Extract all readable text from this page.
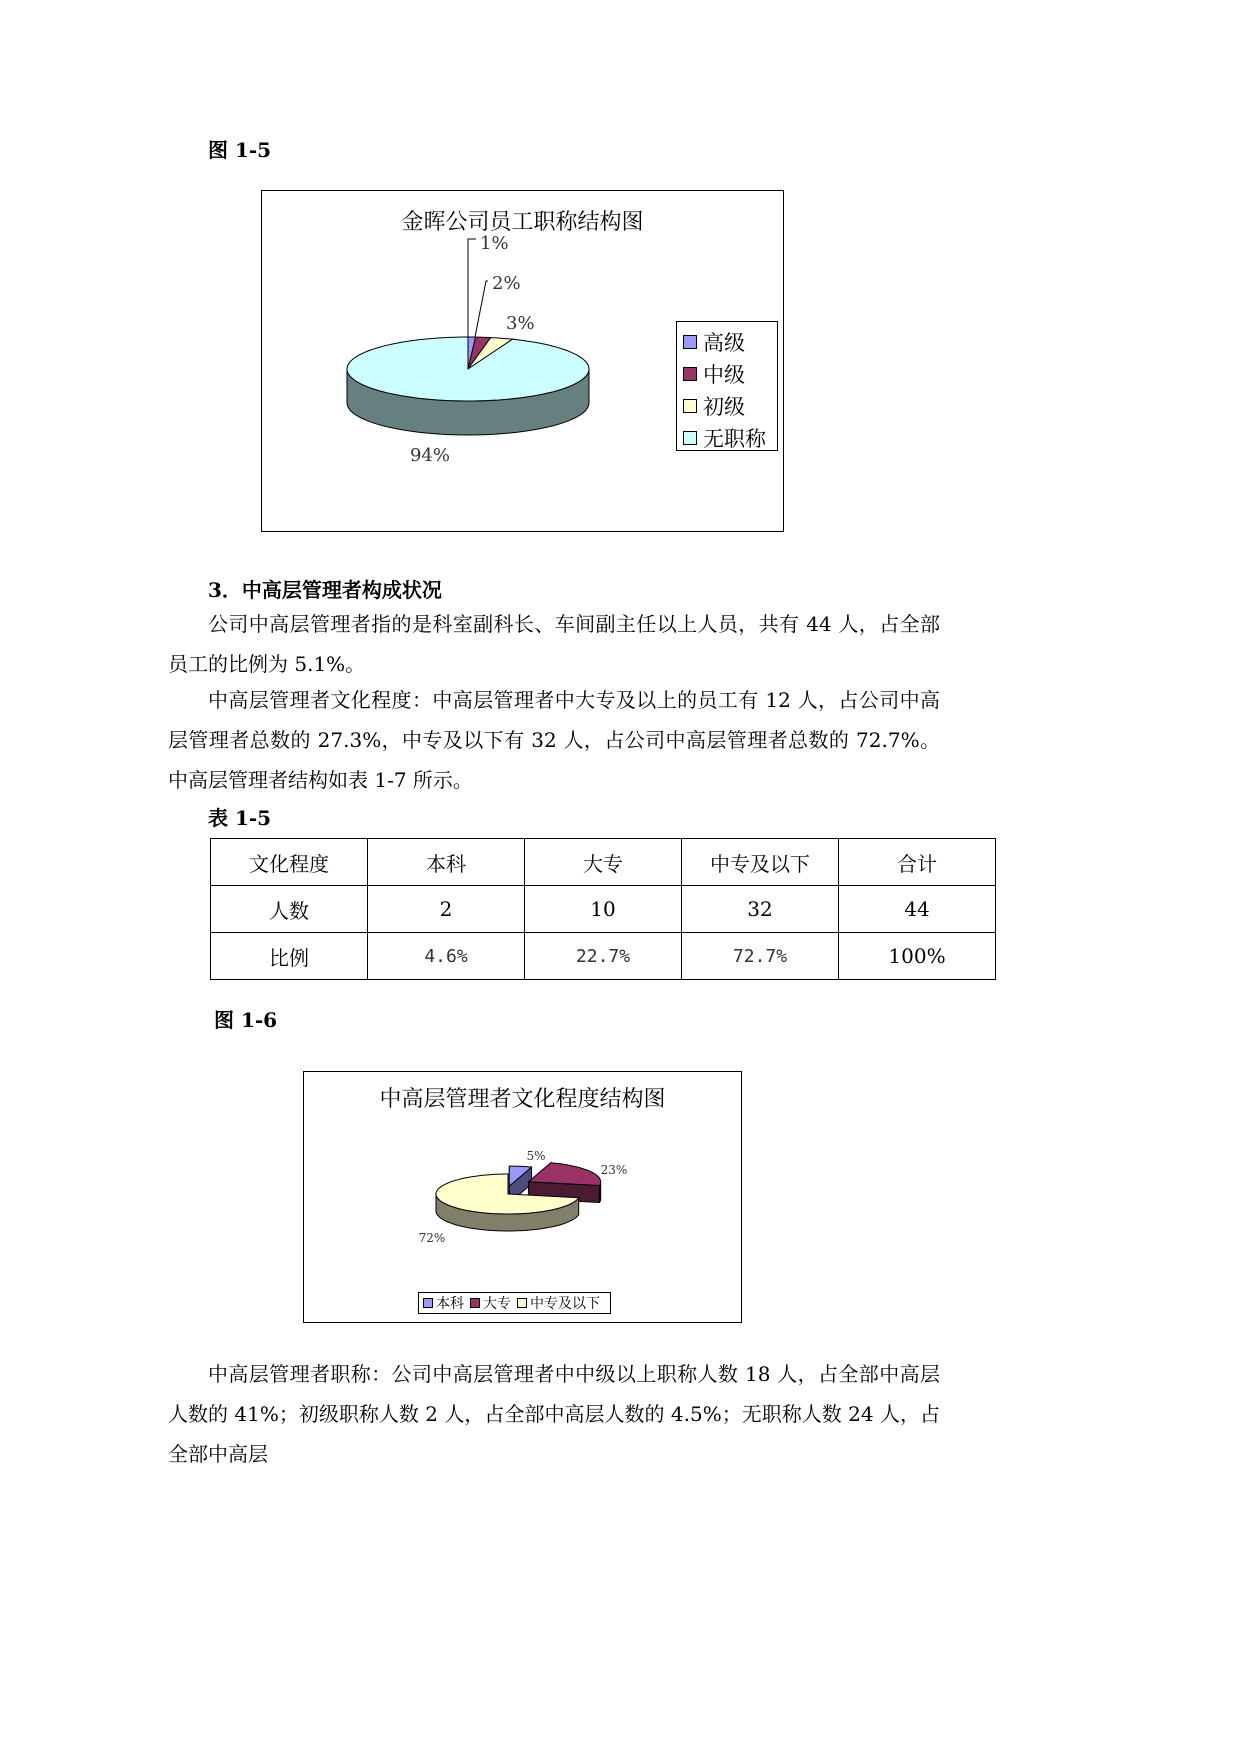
图 1-5
金晖公司员工职称结构图
1%
2%
3%
94%
高级
中级
初级
无职称
3．中高层管理者构成状况
公司中高层管理者指的是科室副科长、车间副主任以上人员，共有 44 人，占全部员工的比例为 5.1%。
中高层管理者文化程度：中高层管理者中大专及以上的员工有 12 人，占公司中高层管理者总数的 27.3%，中专及以下有 32 人，占公司中高层管理者总数的 72.7%。中高层管理者结构如表 1-7 所示。
表 1-5
文化程度	本科	大专	中专及以下	合计
人数	2	10	32	44
比例	4.6%	22.7%	72.7%	100%
图 1-6
中高层管理者文化程度结构图
5%
23%
72%
本科 大专 中专及以下
中高层管理者职称：公司中高层管理者中中级以上职称人数 18 人，占全部中高层人数的 41%；初级职称人数 2 人，占全部中高层人数的 4.5%；无职称人数 24 人，占全部中高层
